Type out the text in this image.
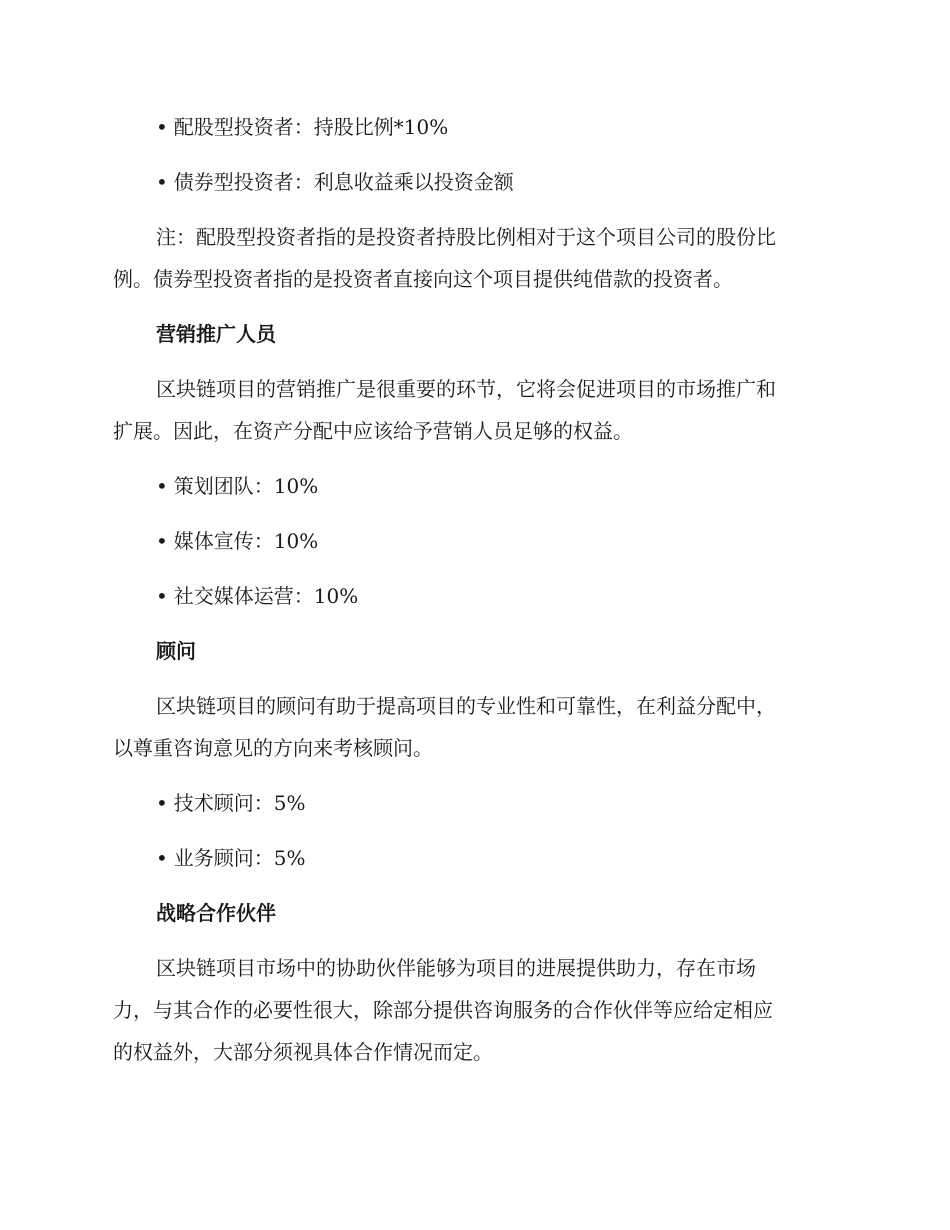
• 配股型投资者：持股比例*10%
• 债券型投资者：利息收益乘以投资金额
注：配股型投资者指的是投资者持股比例相对于这个项目公司的股份比
例。债券型投资者指的是投资者直接向这个项目提供纯借款的投资者。
营销推广人员
区块链项目的营销推广是很重要的环节，它将会促进项目的市场推广和
扩展。因此，在资产分配中应该给予营销人员足够的权益。
• 策划团队：10%
• 媒体宣传：10%
• 社交媒体运营：10%
顾问
区块链项目的顾问有助于提高项目的专业性和可靠性，在利益分配中，
以尊重咨询意见的方向来考核顾问。
• 技术顾问：5%
• 业务顾问：5%
战略合作伙伴
区块链项目市场中的协助伙伴能够为项目的进展提供助力，存在市场
力，与其合作的必要性很大，除部分提供咨询服务的合作伙伴等应给定相应
的权益外，大部分须视具体合作情况而定。
